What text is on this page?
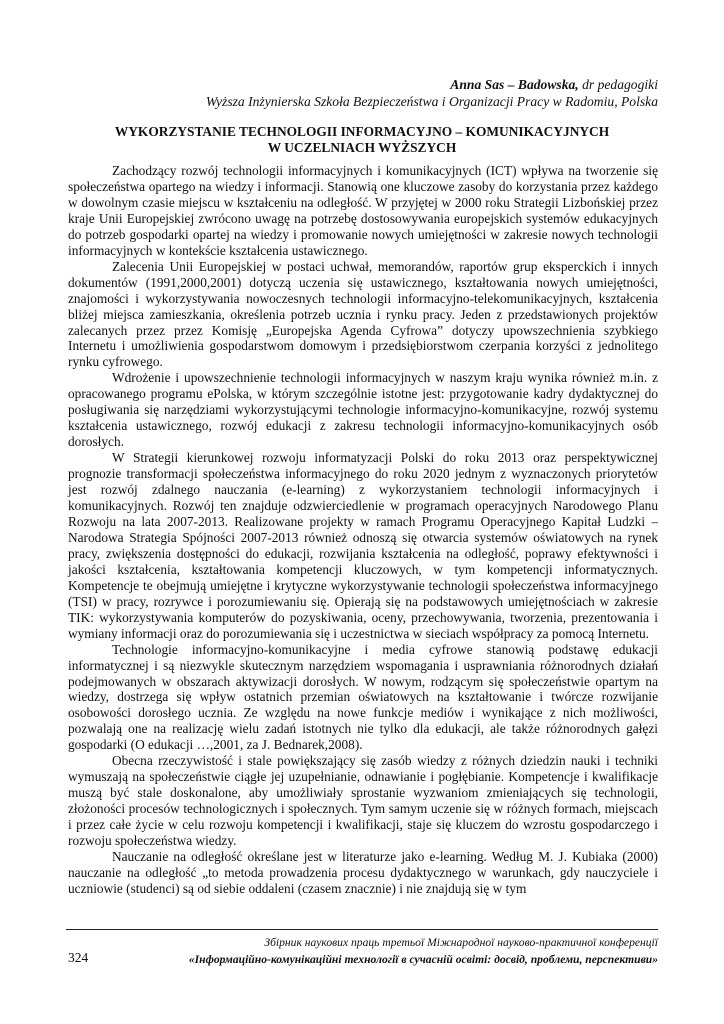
Anna Sas – Badowska, dr pedagogiki
Wyższa Inżynierska Szkoła Bezpieczeństwa i Organizacji Pracy w Radomiu, Polska
WYKORZYSTANIE TECHNOLOGII INFORMACYJNO – KOMUNIKACYJNYCH
W UCZELNIACH WYŻSZYCH

Zachodzący rozwój technologii informacyjnych i komunikacyjnych (ICT) wpływa na tworzenie się społeczeństwa opartego na wiedzy i informacji. Stanowią one kluczowe zasoby do korzystania przez każdego w dowolnym czasie miejscu w kształceniu na odległość. W przyjętej w 2000 roku Strategii Lizbońskiej przez kraje Unii Europejskiej zwrócono uwagę na potrzebę dostosowywania europejskich systemów edukacyjnych do potrzeb gospodarki opartej na wiedzy i promowanie nowych umiejętności w zakresie nowych technologii informacyjnych w kontekście kształcenia ustawicznego.

Zalecenia Unii Europejskiej w postaci uchwał, memorandów, raportów grup eksperckich i innych dokumentów (1991,2000,2001) dotyczą uczenia się ustawicznego, kształtowania nowych umiejętności, znajomości i wykorzystywania nowoczesnych technologii informacyjno-telekomunikacyjnych, kształcenia bliżej miejsca zamieszkania, określenia potrzeb ucznia i rynku pracy. Jeden z przedstawionych projektów zalecanych przez przez Komisję „Europejska Agenda Cyfrowa” dotyczy upowszechnienia szybkiego Internetu i umożliwienia gospodarstwom domowym i przedsiębiorstwom czerpania korzyści z jednolitego rynku cyfrowego.

Wdrożenie i upowszechnienie technologii informacyjnych w naszym kraju wynika również m.in. z opracowanego programu ePolska, w którym szczególnie istotne jest: przygotowanie kadry dydaktycznej do posługiwania się narzędziami wykorzystującymi technologie informacyjno-komunikacyjne, rozwój systemu kształcenia ustawicznego, rozwój edukacji z zakresu technologii informacyjno-komunikacyjnych osób dorosłych.

W Strategii kierunkowej rozwoju informatyzacji Polski do roku 2013 oraz perspektywicznej prognozie transformacji społeczeństwa informacyjnego do roku 2020 jednym z wyznaczonych priorytetów jest rozwój zdalnego nauczania (e-learning) z wykorzystaniem technologii informacyjnych i komunikacyjnych. Rozwój ten znajduje odzwierciedlenie w programach operacyjnych Narodowego Planu Rozwoju na lata 2007-2013. Realizowane projekty w ramach Programu Operacyjnego Kapitał Ludzki – Narodowa Strategia Spójności 2007-2013 również odnoszą się otwarcia systemów oświatowych na rynek pracy, zwiększenia dostępności do edukacji, rozwijania kształcenia na odległość, poprawy efektywności i jakości kształcenia, kształtowania kompetencji kluczowych, w tym kompetencji informatycznych. Kompetencje te obejmują umiejętne i krytyczne wykorzystywanie technologii społeczeństwa informacyjnego (TSI) w pracy, rozrywce i porozumiewaniu się. Opierają się na podstawowych umiejętnościach w zakresie TIK: wykorzystywania komputerów do pozyskiwania, oceny, przechowywania, tworzenia, prezentowania i wymiany informacji oraz do porozumiewania się i uczestnictwa w sieciach współpracy za pomocą Internetu.

Technologie informacyjno-komunikacyjne i media cyfrowe stanowią podstawę edukacji informatycznej i są niezwykle skutecznym narzędziem wspomagania i usprawniania różnorodnych działań podejmowanych w obszarach aktywizacji dorosłych. W nowym, rodzącym się społeczeństwie opartym na wiedzy, dostrzega się wpływ ostatnich przemian oświatowych na kształtowanie i twórcze rozwijanie osobowości dorosłego ucznia. Ze względu na nowe funkcje mediów i wynikające z nich możliwości, pozwalają one na realizację wielu zadań istotnych nie tylko dla edukacji, ale także różnorodnych gałęzi gospodarki (O edukacji …,2001, za J. Bednarek,2008).

Obecna rzeczywistość i stale powiększający się zasób wiedzy z różnych dziedzin nauki i techniki wymuszają na społeczeństwie ciągłe jej uzupełnianie, odnawianie i pogłębianie. Kompetencje i kwalifikacje muszą być stale doskonalone, aby umożliwiały sprostanie wyzwaniom zmieniających się technologii, złożoności procesów technologicznych i społecznych. Tym samym uczenie się w różnych formach, miejscach i przez całe życie w celu rozwoju kompetencji i kwalifikacji, staje się kluczem do wzrostu gospodarczego i rozwoju społeczeństwa wiedzy.

Nauczanie na odległość określane jest w literaturze jako e-learning. Według M. J. Kubiaka (2000) nauczanie na odległość „to metoda prowadzenia procesu dydaktycznego w warunkach, gdy nauczyciele i uczniowie (studenci) są od siebie oddaleni (czasem znacznie) i nie znajdują się w tym

Збірник наукових праць третьої Міжнародної науково-практичної конференції
«Інформаційно-комунікаційні технології в сучасній освіті: досвід, проблеми, перспективи»
324
